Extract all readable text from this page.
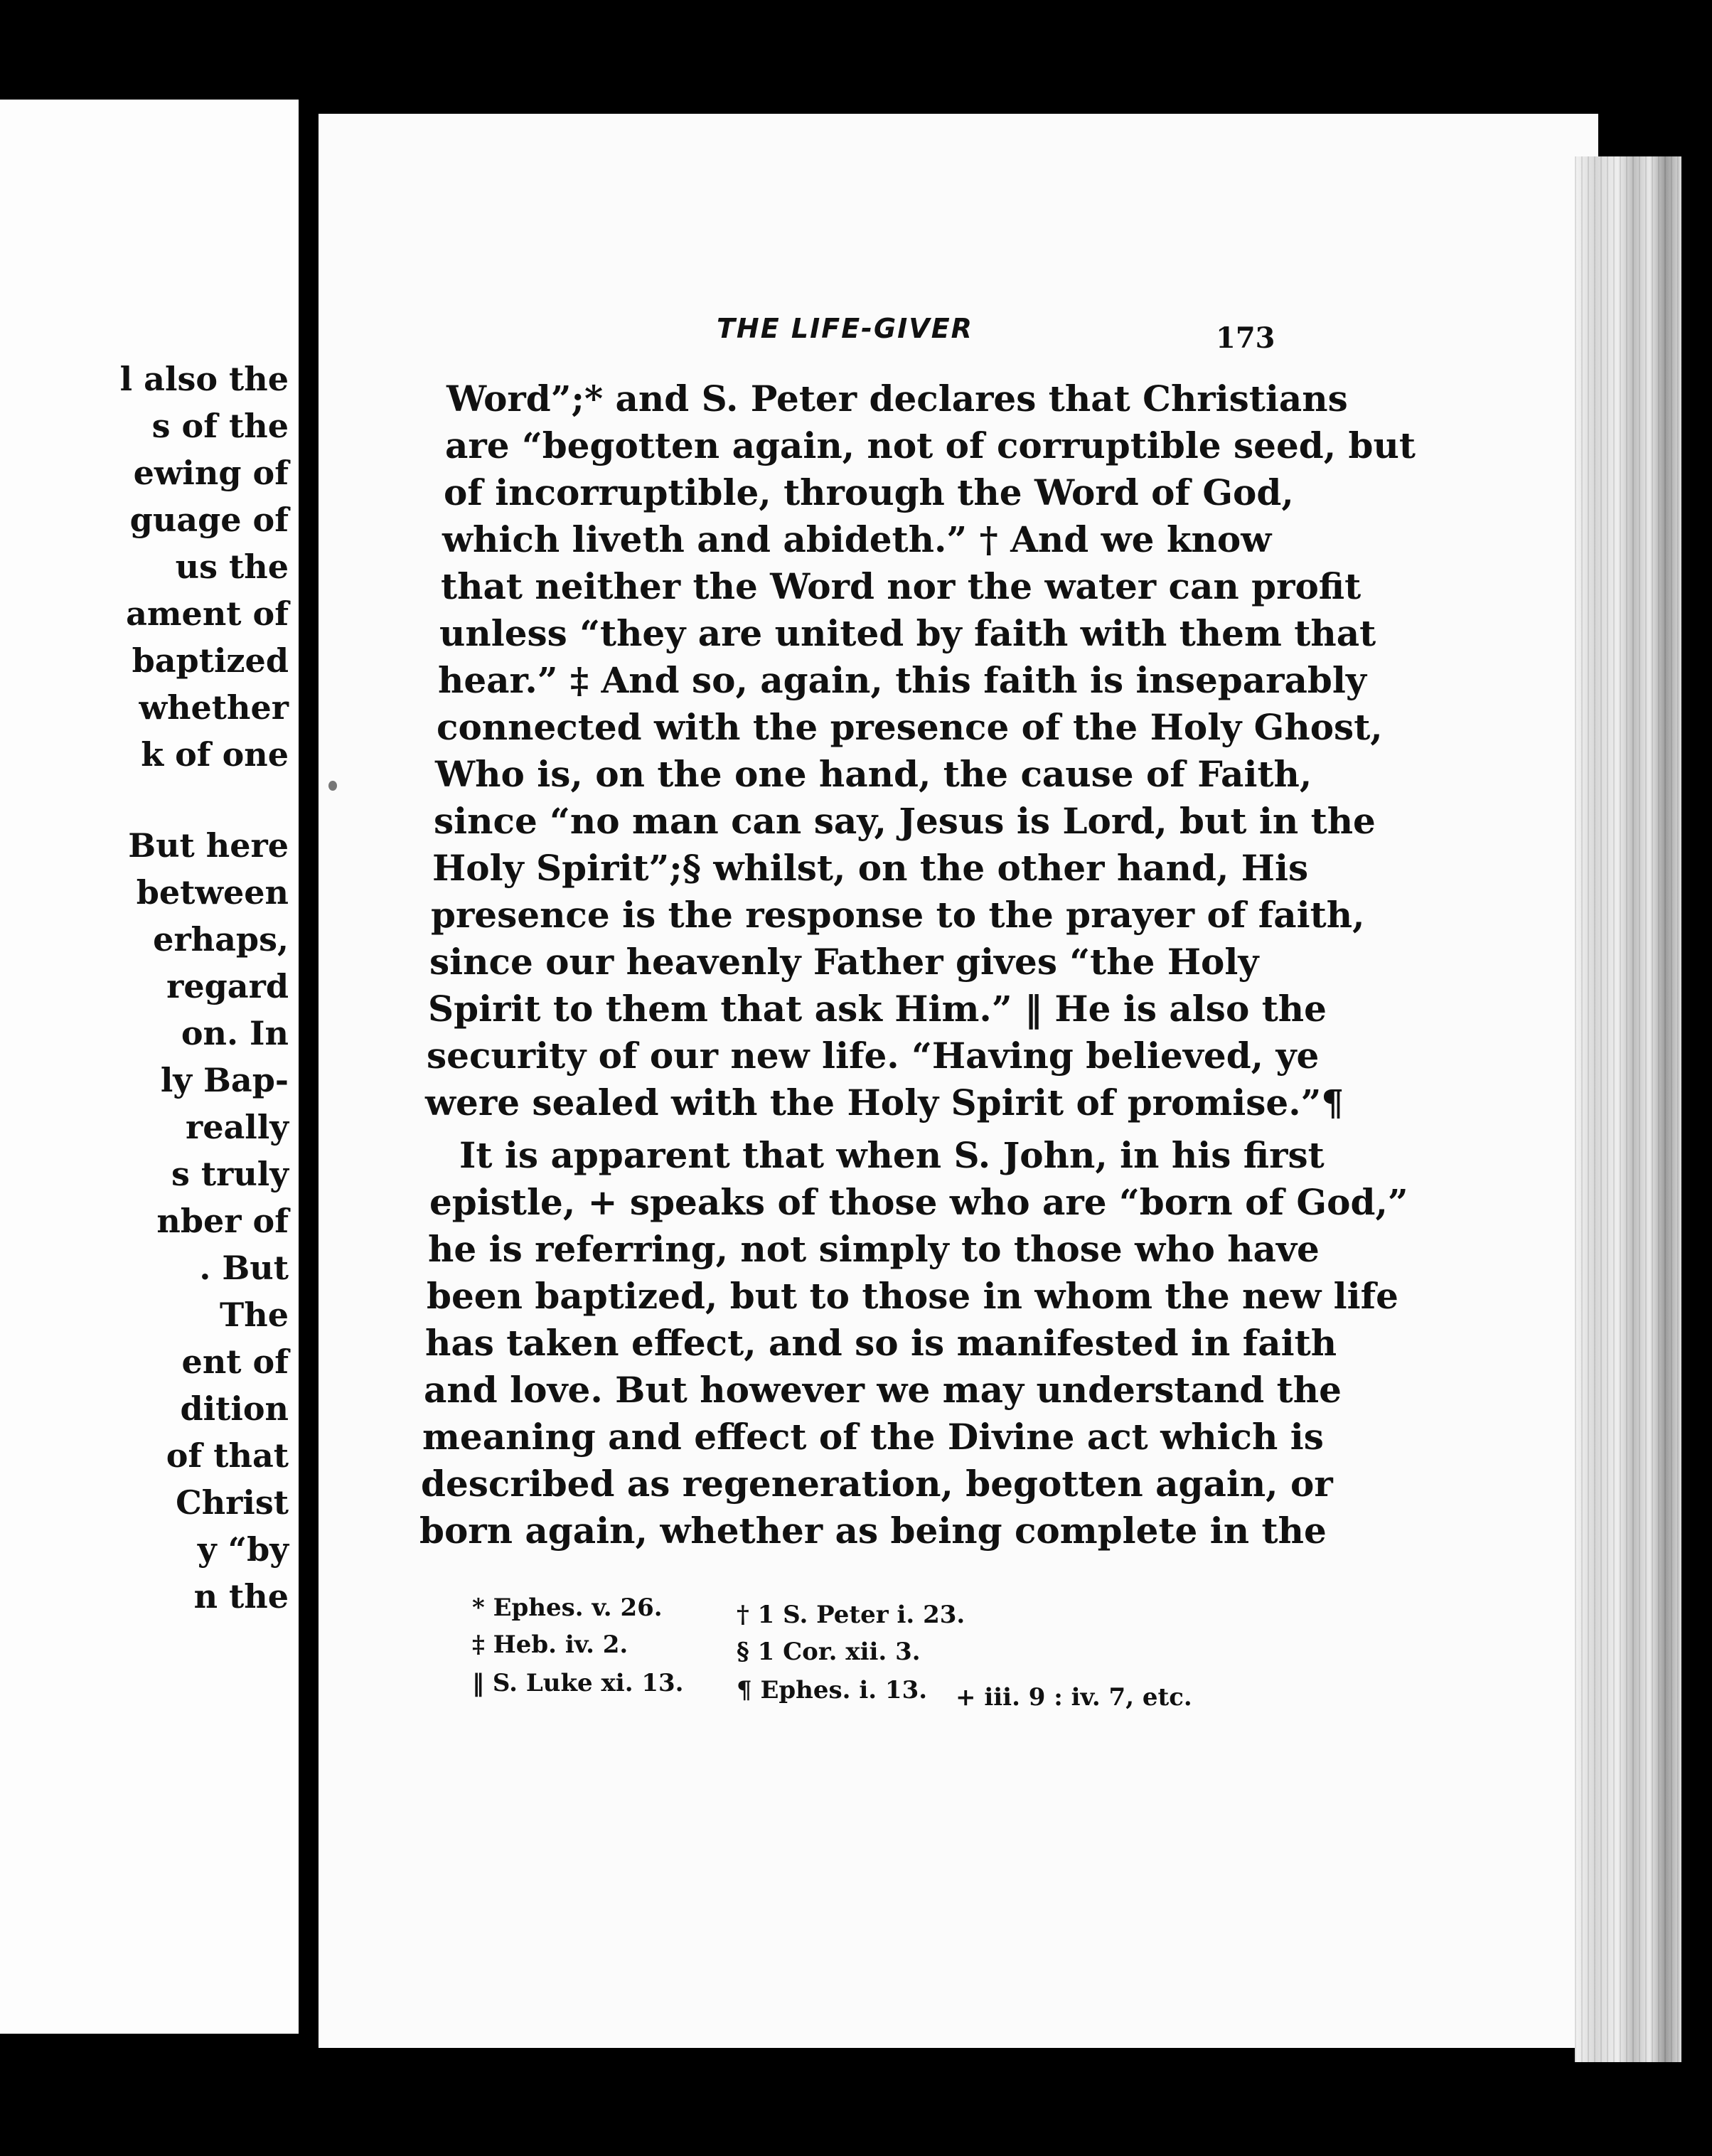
l also the
s of the
ewing of
guage of
us the
ament of
baptized
whether
k of one
But here
between
erhaps,
regard
on. In
ly Bap-
really
s truly
nber of
. But
The
ent of
dition
of that
Christ
y “by
n the
THE LIFE-GIVER	173
Word”;* and S. Peter declares that Christians
are “begotten again, not of corruptible seed, but
of incorruptible, through the Word of God,
which liveth and abideth.” † And we know
that neither the Word nor the water can profit
unless “they are united by faith with them that
hear.” ‡ And so, again, this faith is inseparably
connected with the presence of the Holy Ghost,
Who is, on the one hand, the cause of Faith,
since “no man can say, Jesus is Lord, but in the
Holy Spirit”;§ whilst, on the other hand, His
presence is the response to the prayer of faith,
since our heavenly Father gives “the Holy
Spirit to them that ask Him.” ‖ He is also the
security of our new life. “Having believed, ye
were sealed with the Holy Spirit of promise.”¶
It is apparent that when S. John, in his first
epistle, + speaks of those who are “born of God,”
he is referring, not simply to those who have
been baptized, but to those in whom the new life
has taken effect, and so is manifested in faith
and love. But however we may understand the
meaning and effect of the Divine act which is
described as regeneration, begotten again, or
born again, whether as being complete in the
* Ephes. v. 26.	† 1 S. Peter i. 23.
‡ Heb. iv. 2.	§ 1 Cor. xii. 3.
‖ S. Luke xi. 13. ¶ Ephes. i. 13. + iii. 9 : iv. 7, etc.
